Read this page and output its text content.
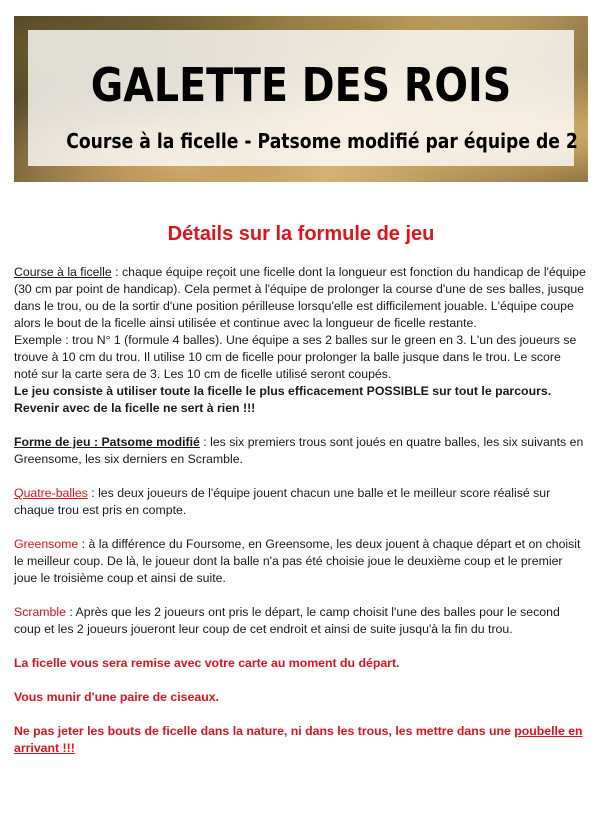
GALETTE DES ROIS
Course à la ficelle - Patsome modifié par équipe de 2
Détails sur la formule de jeu

Course à la ficelle : chaque équipe reçoit une ficelle dont la longueur est fonction du handicap de l'équipe (30 cm par point de handicap). Cela permet à l'équipe de prolonger la course d'une de ses balles, jusque dans le trou, ou de la sortir d'une position périlleuse lorsqu'elle est difficilement jouable. L'équipe coupe alors le bout de la ficelle ainsi utilisée et continue avec la longueur de ficelle restante.

Exemple : trou N° 1 (formule 4 balles). Une équipe a ses 2 balles sur le green en 3. L'un des joueurs se trouve à 10 cm du trou. Il utilise 10 cm de ficelle pour prolonger la balle jusque dans le trou. Le score noté sur la carte sera de 3. Les 10 cm de ficelle utilisé seront coupés.

Le jeu consiste à utiliser toute la ficelle le plus efficacement POSSIBLE sur tout le parcours. Revenir avec de la ficelle ne sert à rien !!!

Forme de jeu : Patsome modifié : les six premiers trous sont joués en quatre balles, les six suivants en Greensome, les six derniers en Scramble.

Quatre-balles : les deux joueurs de l'équipe jouent chacun une balle et le meilleur score réalisé sur chaque trou est pris en compte.

Greensome : à la différence du Foursome, en Greensome, les deux jouent à chaque départ et on choisit le meilleur coup. De là, le joueur dont la balle n'a pas été choisie joue le deuxième coup et le premier joue le troisième coup et ainsi de suite.

Scramble : Après que les 2 joueurs ont pris le départ, le camp choisit l'une des balles pour le second coup et les 2 joueurs joueront leur coup de cet endroit et ainsi de suite jusqu'à la fin du trou.

La ficelle vous sera remise avec votre carte au moment du départ.

Vous munir d'une paire de ciseaux.

Ne pas jeter les bouts de ficelle dans la nature, ni dans les trous, les mettre dans une poubelle en arrivant !!!
